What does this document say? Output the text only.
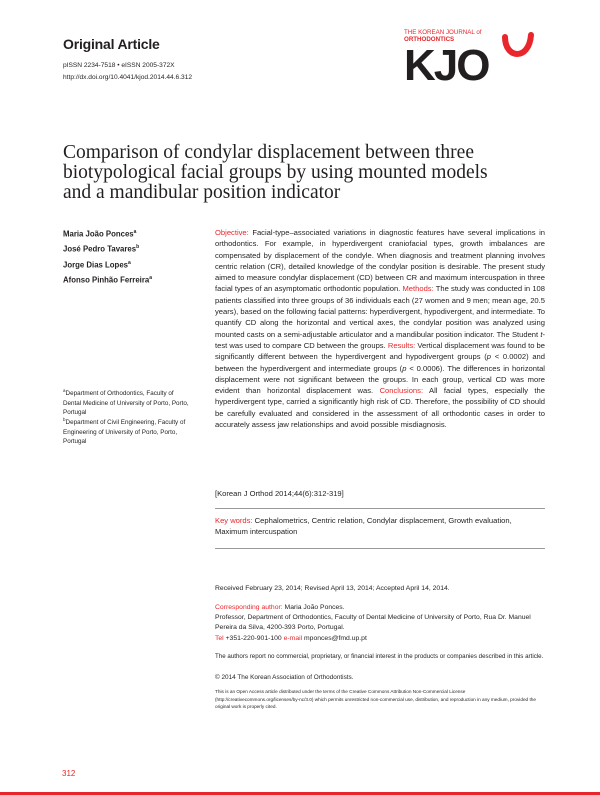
Original Article
pISSN 2234-7518 • eISSN 2005-372X
http://dx.doi.org/10.4041/kjod.2014.44.6.312
THE KOREAN JOURNAL of
ORTHODONTICS
KJO
Comparison of condylar displacement between three biotypological facial groups by using mounted models and a mandibular position indicator
Maria João Ponces$^a$
José Pedro Tavares$^b$
Jorge Dias Lopes$^a$
Afonso Pinhão Ferreira$^a$
$^a$Department of Orthodontics, Faculty of Dental Medicine of University of Porto, Porto, Portugal
$^b$Department of Civil Engineering, Faculty of Engineering of University of Porto, Porto, Portugal
Objective: Facial-type–associated variations in diagnostic features have several implications in orthodontics. For example, in hyperdivergent craniofacial types, growth imbalances are compensated by displacement of the condyle. When diagnosis and treatment planning involves centric relation (CR), detailed knowledge of the condylar position is desirable. The present study aimed to measure condylar displacement (CD) between CR and maximum intercuspation in three facial types of an asymptomatic orthodontic population. Methods: The study was conducted in 108 patients classified into three groups of 36 individuals each (27 women and 9 men; mean age, 20.5 years), based on the following facial patterns: hyperdivergent, hypodivergent, and intermediate. To quantify CD along the horizontal and vertical axes, the condylar position was analyzed using mounted casts on a semi-adjustable articulator and a mandibular position indicator. The Student t-test was used to compare CD between the groups. Results: Vertical displacement was found to be significantly different between the hyperdivergent and hypodivergent groups (p < 0.0002) and between the hyperdivergent and intermediate groups (p < 0.0006). The differences in horizontal displacement were not significant between the groups. In each group, vertical CD was more evident than horizontal displacement was. Conclusions: All facial types, especially the hyperdivergent type, carried a significantly high risk of CD. Therefore, the possibility of CD should be carefully evaluated and considered in the assessment of all orthodontic cases in order to accurately assess jaw relationships and avoid possible misdiagnosis.
[Korean J Orthod 2014;44(6):312-319]
Key words: Cephalometrics, Centric relation, Condylar displacement, Growth evaluation, Maximum intercuspation
Received February 23, 2014; Revised April 13, 2014; Accepted April 14, 2014.
Corresponding author: Maria João Ponces.
Professor, Department of Orthodontics, Faculty of Dental Medicine of University of Porto, Rua Dr. Manuel Pereira da Silva, 4200-393 Porto, Portugal.
Tel +351-220-901-100 e-mail mponces@fmd.up.pt
The authors report no commercial, proprietary, or financial interest in the products or companies described in this article.
© 2014 The Korean Association of Orthodontists.
This is an Open Access article distributed under the terms of the Creative Commons Attribution Non-Commercial License (http://creativecommons.org/licenses/by-nc/3.0) which permits unrestricted non-commercial use, distribution, and reproduction in any medium, provided the original work is properly cited.
312
